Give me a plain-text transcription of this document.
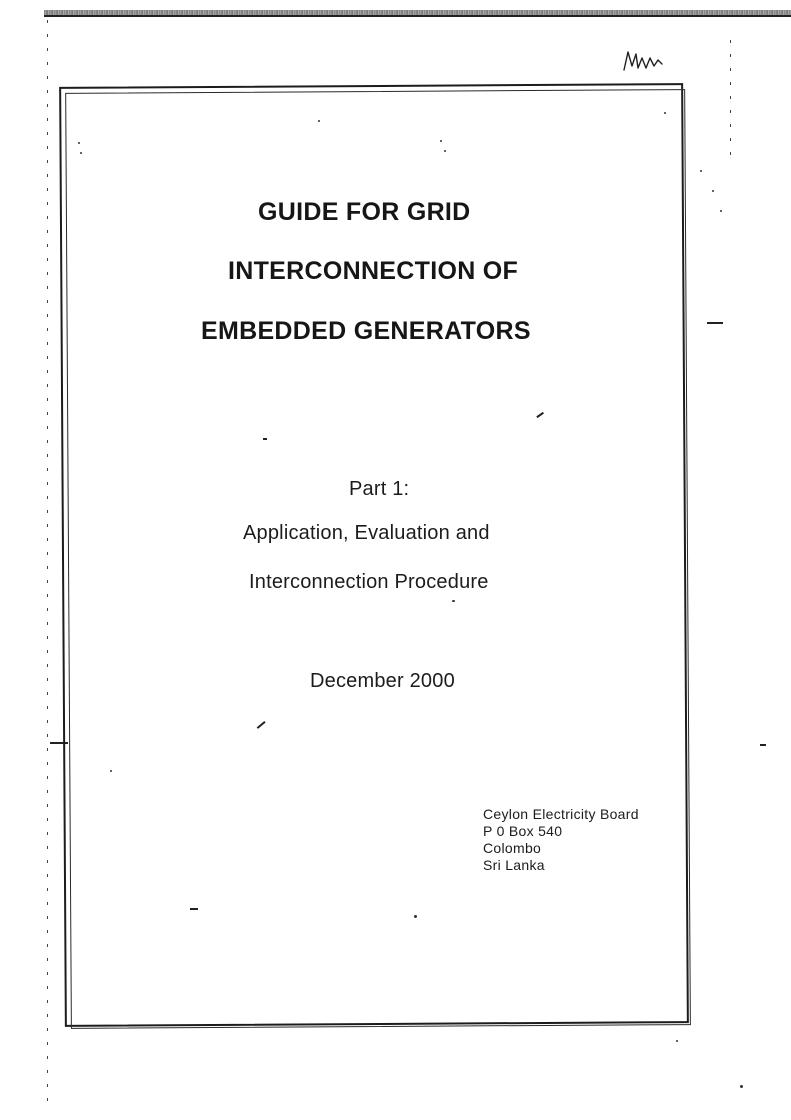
GUIDE FOR GRID
INTERCONNECTION OF
EMBEDDED GENERATORS
Part 1:
Application, Evaluation and
Interconnection Procedure
December 2000
Ceylon Electricity Board
P 0 Box 540
Colombo
Sri Lanka
